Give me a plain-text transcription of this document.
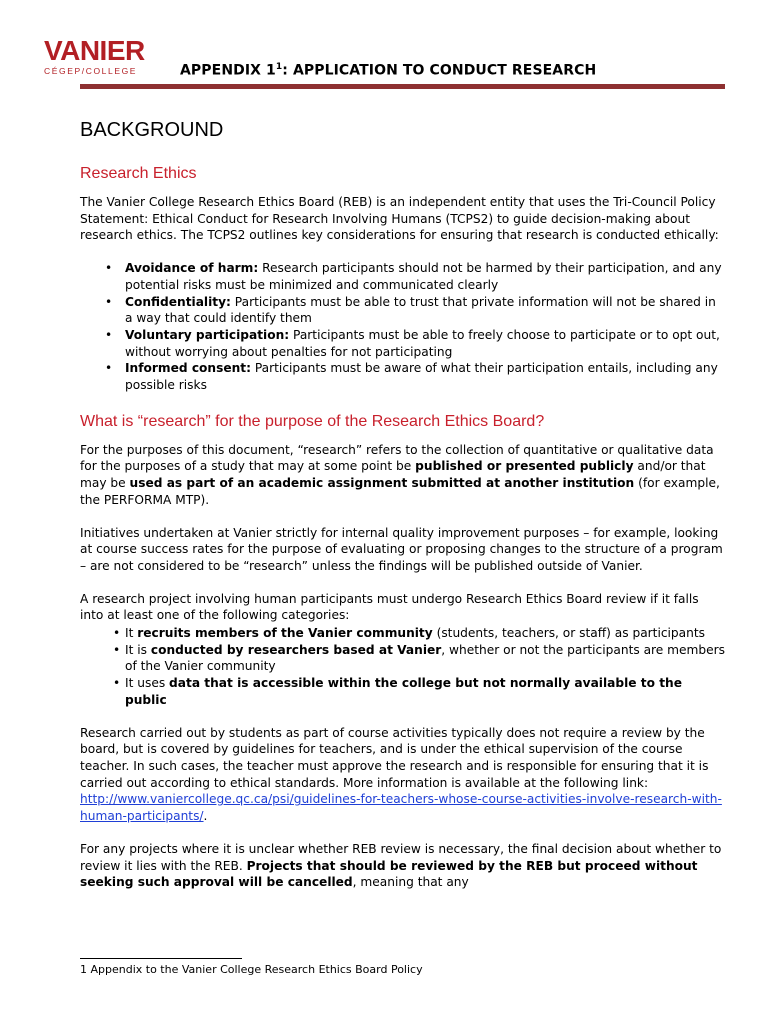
VANIER
CÉGEP/COLLEGE	APPENDIX $1^1$: APPLICATION TO CONDUCT RESEARCH
BACKGROUND
Research Ethics

The Vanier College Research Ethics Board (REB) is an independent entity that uses the Tri-Council Policy Statement: Ethical Conduct for Research Involving Humans (TCPS2) to guide decision-making about research ethics. The TCPS2 outlines key considerations for ensuring that research is conducted ethically:

• Avoidance of harm: Research participants should not be harmed by their participation, and any potential risks must be minimized and communicated clearly
• Confidentiality: Participants must be able to trust that private information will not be shared in a way that could identify them
• Voluntary participation: Participants must be able to freely choose to participate or to opt out, without worrying about penalties for not participating
• Informed consent: Participants must be aware of what their participation entails, including any possible risks
What is “research” for the purpose of the Research Ethics Board?

For the purposes of this document, “research” refers to the collection of quantitative or qualitative data for the purposes of a study that may at some point be published or presented publicly and/or that may be used as part of an academic assignment submitted at another institution (for example, the PERFORMA MTP).

Initiatives undertaken at Vanier strictly for internal quality improvement purposes – for example, looking at course success rates for the purpose of evaluating or proposing changes to the structure of a program – are not considered to be “research” unless the findings will be published outside of Vanier.

A research project involving human participants must undergo Research Ethics Board review if it falls into at least one of the following categories:

• It recruits members of the Vanier community (students, teachers, or staff) as participants
• It is conducted by researchers based at Vanier, whether or not the participants are members of the Vanier community
• It uses data that is accessible within the college but not normally available to the public

Research carried out by students as part of course activities typically does not require a review by the board, but is covered by guidelines for teachers, and is under the ethical supervision of the course teacher. In such cases, the teacher must approve the research and is responsible for ensuring that it is carried out according to ethical standards. More information is available at the following link: http://www.vaniercollege.qc.ca/psi/guidelines-for-teachers-whose-course-activities-involve-research-with-human-participants/.

For any projects where it is unclear whether REB review is necessary, the final decision about whether to review it lies with the REB. Projects that should be reviewed by the REB but proceed without seeking such approval will be cancelled, meaning that any

1 Appendix to the Vanier College Research Ethics Board Policy
